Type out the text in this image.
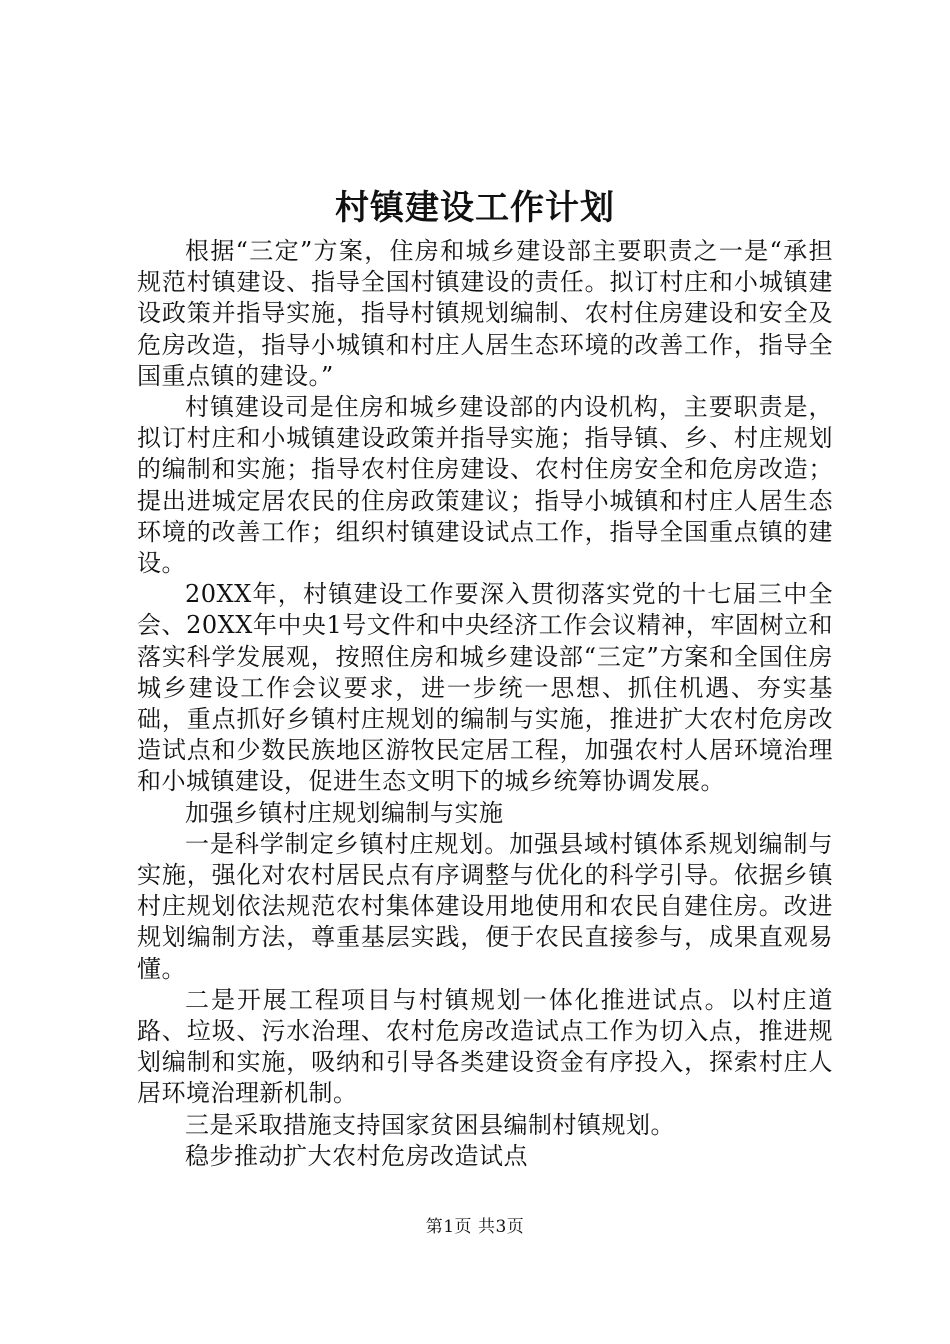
村镇建设工作计划

根据“三定”方案，住房和城乡建设部主要职责之一是“承担规范村镇建设、指导全国村镇建设的责任。拟订村庄和小城镇建设政策并指导实施，指导村镇规划编制、农村住房建设和安全及危房改造，指导小城镇和村庄人居生态环境的改善工作，指导全国重点镇的建设。”

村镇建设司是住房和城乡建设部的内设机构，主要职责是，拟订村庄和小城镇建设政策并指导实施；指导镇、乡、村庄规划的编制和实施；指导农村住房建设、农村住房安全和危房改造；提出进城定居农民的住房政策建议；指导小城镇和村庄人居生态环境的改善工作；组织村镇建设试点工作，指导全国重点镇的建设。

20XX年，村镇建设工作要深入贯彻落实党的十七届三中全会、20XX年中央1号文件和中央经济工作会议精神，牢固树立和落实科学发展观，按照住房和城乡建设部“三定”方案和全国住房城乡建设工作会议要求，进一步统一思想、抓住机遇、夯实基础，重点抓好乡镇村庄规划的编制与实施，推进扩大农村危房改造试点和少数民族地区游牧民定居工程，加强农村人居环境治理和小城镇建设，促进生态文明下的城乡统筹协调发展。

加强乡镇村庄规划编制与实施

一是科学制定乡镇村庄规划。加强县域村镇体系规划编制与实施，强化对农村居民点有序调整与优化的科学引导。依据乡镇村庄规划依法规范农村集体建设用地使用和农民自建住房。改进规划编制方法，尊重基层实践，便于农民直接参与，成果直观易懂。

二是开展工程项目与村镇规划一体化推进试点。以村庄道路、垃圾、污水治理、农村危房改造试点工作为切入点，推进规划编制和实施，吸纳和引导各类建设资金有序投入，探索村庄人居环境治理新机制。

三是采取措施支持国家贫困县编制村镇规划。

稳步推动扩大农村危房改造试点

第1页 共3页
